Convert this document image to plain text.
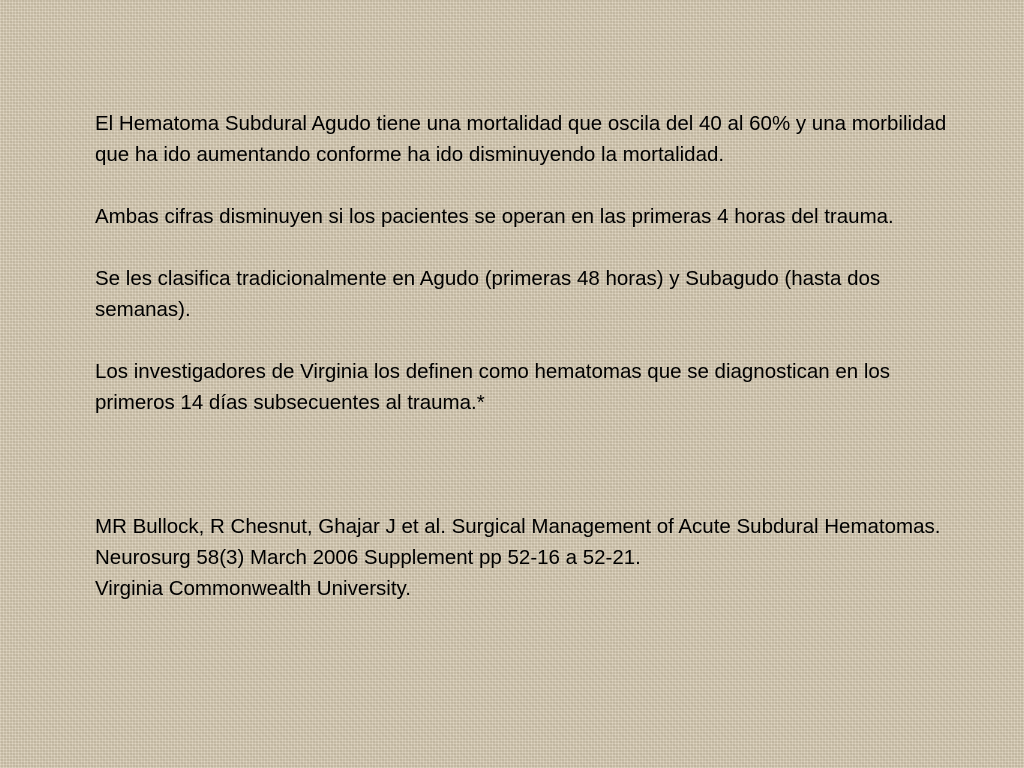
El Hematoma Subdural Agudo tiene una mortalidad que oscila del 40 al 60% y una morbilidad que ha ido aumentando conforme ha ido disminuyendo la mortalidad.

Ambas cifras disminuyen si los pacientes se operan en las primeras 4 horas del trauma.

Se les clasifica tradicionalmente en Agudo (primeras 48 horas) y Subagudo (hasta dos semanas).

Los investigadores de Virginia los definen como hematomas que se diagnostican en los primeros 14 días subsecuentes al trauma.*

MR Bullock, R Chesnut, Ghajar J et al. Surgical Management of Acute Subdural Hematomas. Neurosurg 58(3) March 2006 Supplement pp 52-16 a 52-21.

Virginia Commonwealth University.
